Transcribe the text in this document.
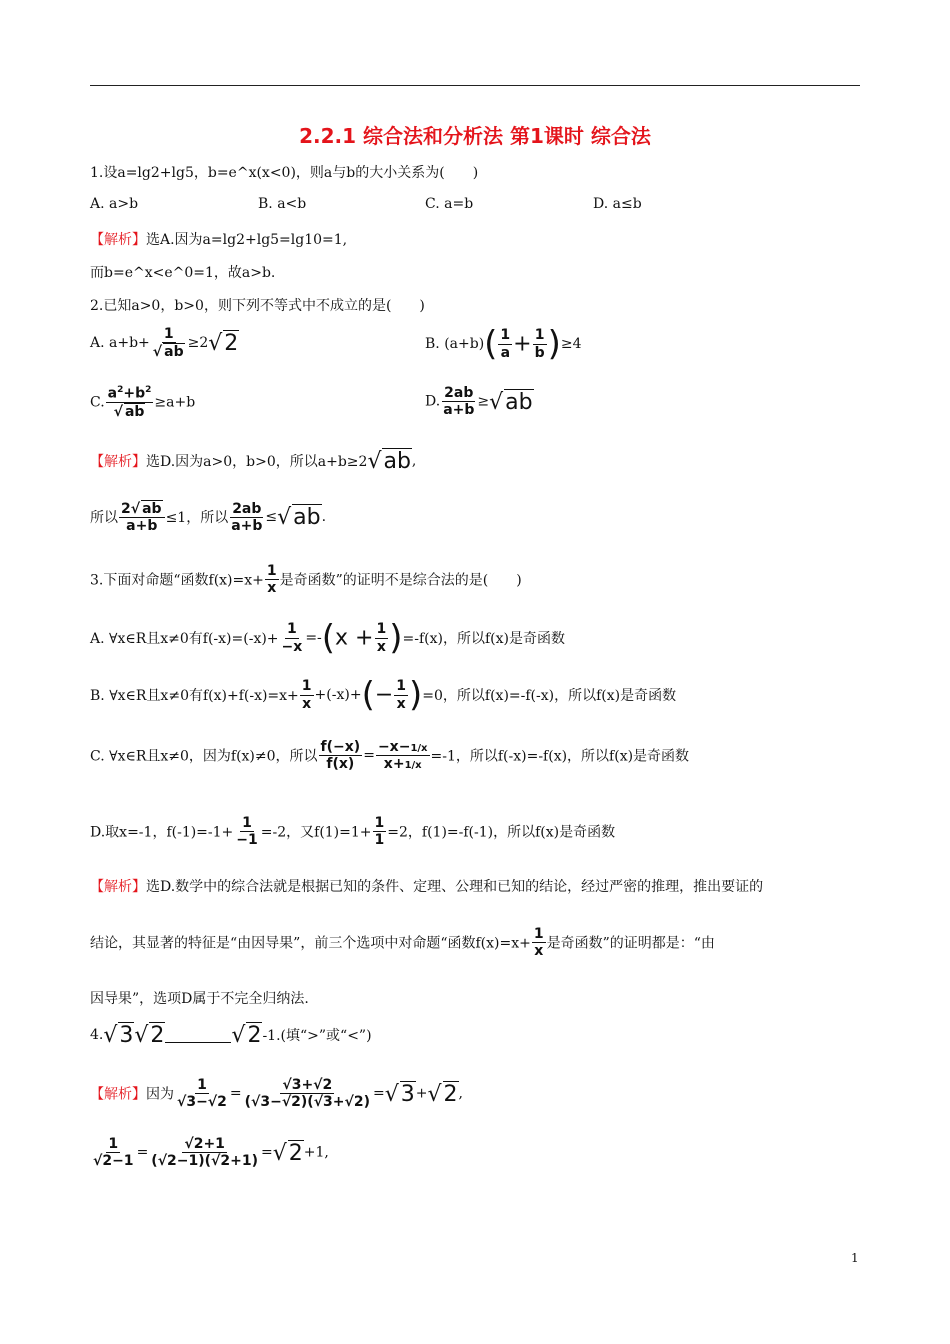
2.2.1 综合法和分析法 第1课时 综合法
1.设a=lg2+lg5，b=e^x(x<0)，则a与b的大小关系为(　　)
A. a>b	B. a<b	C. a=b	D. a≤b
【解析】选A.因为a=lg2+lg5=lg10=1,
而b=e^x<e^0=1，故a>b.
2.已知a>0，b>0，则下列不等式中不成立的是(　　)
A. $a+b+ \frac{1}{√ ab} \ge 2√2$	B. $(a+b)( \frac{1}{a} + \frac{1}{b} )\ge 4$
C. $\frac{a^2+b^2}{√ ab} \ge a+b$	D. $\frac{2ab}{a+b} \ge√ab$
【解析】选D.因为a>0，b>0，所以a+b≥2√ab,
所以 $\frac{2√ ab}{a+b} \le 1$，所以 $\frac{2ab}{a+b} \le√ab$.
3.下面对命题“函数$f(x)=x+ \frac{1}{x}$ 是奇函数”的证明不是综合法的是(　　)
A. ∀x∈R且x≠0有$f(-x)=(-x)+ \frac{1}{-x} =-(x + \frac{1}{x} )=-f(x)$，所以f(x)是奇函数
B. ∀x∈R且x≠0有$f(x)+f(-x)=x+ \frac{1}{x} +(-x)+(- \frac{1}{x} )=0$，所以f(x)=-f(-x)，所以f(x)是奇函数
C. ∀x∈R且x≠0，因为f(x)≠0，所以 $\frac{f(-x)}{f(x)} = \frac{-x-1/x}{x+1/x} =-1$，所以f(-x)=-f(x)，所以f(x)是奇函数
D.取x=-1，$f(-1)=-1+ \frac{1}{-1} =-2$，又$f(1)=1+ \frac{1}{1} =2$，f(1)=-f(-1)，所以f(x)是奇函数
【解析】选D.数学中的综合法就是根据已知的条件、定理、公理和已知的结论，经过严密的推理，推出要证的
结论，其显著的特征是“由因导果”，前三个选项中对命题“函数$f(x)=x+ \frac{1}{x}$ 是奇函数”的证明都是：“由
因导果”，选项D属于不完全归纳法.
4.√3√2	√2-1.(填“>”或“<”)
【解析】因为 $\frac{1}{√3-√2} = \frac{√3+√2}{(√3-√2)(√3+√2)} =√3+√2$,
$\frac{1}{√2-1} = \frac{√2+1}{(√2-1)(√2+1)} =√2+1$,
1
